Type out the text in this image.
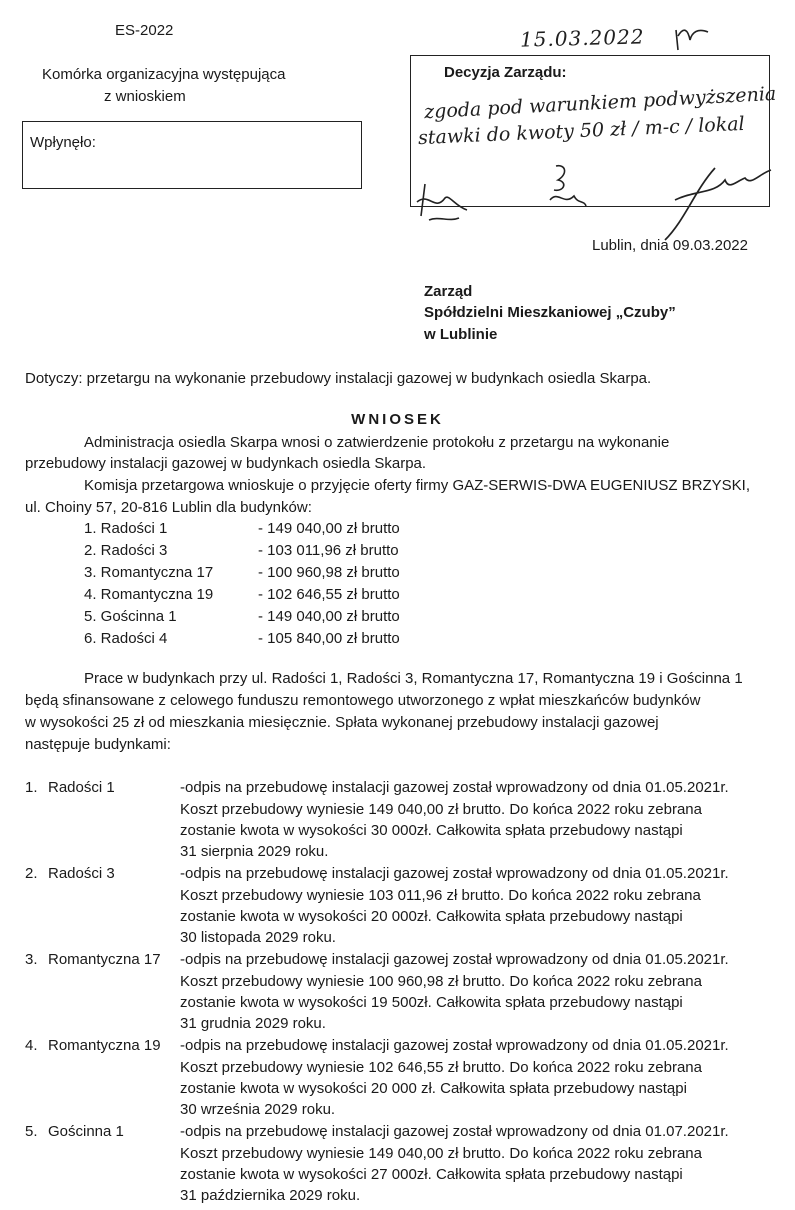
ES-2022
Komórka organizacyjna występująca
z wnioskiem
Wpłynęło:
15.03.2022
Decyzja Zarządu:
zgoda pod warunkiem podwyższenia
stawki do kwoty 50 zł / m-c / lokal
Lublin, dnia 09.03.2022
Zarząd
Spółdzielni Mieszkaniowej „Czuby”
w Lublinie
Dotyczy: przetargu na wykonanie przebudowy instalacji gazowej w budynkach osiedla Skarpa.
WNIOSEK
Administracja osiedla Skarpa wnosi o zatwierdzenie protokołu z przetargu na wykonanie
przebudowy instalacji gazowej w budynkach osiedla Skarpa.
Komisja przetargowa wnioskuje o przyjęcie oferty firmy GAZ-SERWIS-DWA EUGENIUSZ BRZYSKI,
ul. Choiny 57, 20-816 Lublin dla budynków:
1. Radości 1	- 149 040,00 zł brutto
2. Radości 3	- 103 011,96 zł brutto
3. Romantyczna 17	- 100 960,98 zł brutto
4. Romantyczna 19	- 102 646,55 zł brutto
5. Gościnna 1	- 149 040,00 zł brutto
6. Radości 4	- 105 840,00 zł brutto
Prace w budynkach przy ul. Radości 1, Radości 3, Romantyczna 17, Romantyczna 19 i Gościnna 1
będą sfinansowane z celowego funduszu remontowego utworzonego z wpłat mieszkańców budynków
w wysokości 25 zł od mieszkania miesięcznie. Spłata wykonanej przebudowy instalacji gazowej
następuje budynkami:
1. Radości 1	-odpis na przebudowę instalacji gazowej został wprowadzony od dnia 01.05.2021r.
Koszt przebudowy wyniesie 149 040,00 zł brutto. Do końca 2022 roku zebrana
zostanie kwota w wysokości 30 000zł. Całkowita spłata przebudowy nastąpi
31 sierpnia 2029 roku.
2. Radości 3	-odpis na przebudowę instalacji gazowej został wprowadzony od dnia 01.05.2021r.
Koszt przebudowy wyniesie 103 011,96 zł brutto. Do końca 2022 roku zebrana
zostanie kwota w wysokości 20 000zł. Całkowita spłata przebudowy nastąpi
30 listopada 2029 roku.
3. Romantyczna 17 -odpis na przebudowę instalacji gazowej został wprowadzony od dnia 01.05.2021r.
Koszt przebudowy wyniesie 100 960,98 zł brutto. Do końca 2022 roku zebrana
zostanie kwota w wysokości 19 500zł. Całkowita spłata przebudowy nastąpi
31 grudnia 2029 roku.
4. Romantyczna 19 -odpis na przebudowę instalacji gazowej został wprowadzony od dnia 01.05.2021r.
Koszt przebudowy wyniesie 102 646,55 zł brutto. Do końca 2022 roku zebrana
zostanie kwota w wysokości 20 000 zł. Całkowita spłata przebudowy nastąpi
30 września 2029 roku.
5. Gościnna 1	-odpis na przebudowę instalacji gazowej został wprowadzony od dnia 01.07.2021r.
Koszt przebudowy wyniesie 149 040,00 zł brutto. Do końca 2022 roku zebrana
zostanie kwota w wysokości 27 000zł. Całkowita spłata przebudowy nastąpi
31 października 2029 roku.
